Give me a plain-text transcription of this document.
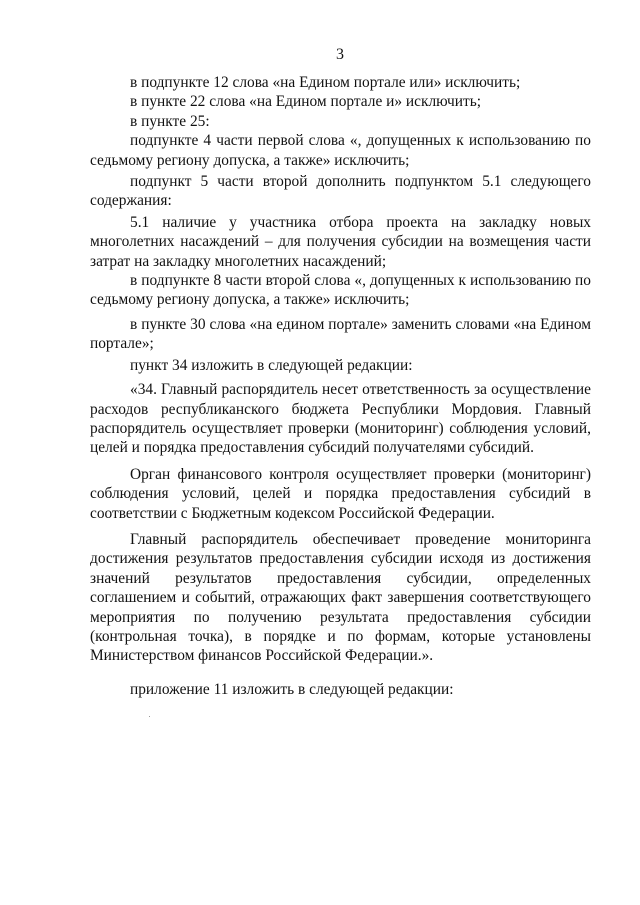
3

в подпункте 12 слова «на Едином портале или» исключить;

в пункте 22 слова «на Едином портале и» исключить;

в пункте 25:

подпункте 4 части первой слова «, допущенных к использованию по седьмому региону допуска, а также» исключить;

подпункт 5 части второй дополнить подпунктом 5.1 следующего содержания:

5.1 наличие у участника отбора проекта на закладку новых многолетних насаждений – для получения субсидии на возмещения части затрат на закладку многолетних насаждений;

в подпункте 8 части второй слова «, допущенных к использованию по седьмому региону допуска, а также» исключить;

в пункте 30 слова «на едином портале» заменить словами «на Едином портале»;

пункт 34 изложить в следующей редакции:

«34. Главный распорядитель несет ответственность за осуществление расходов республиканского бюджета Республики Мордовия. Главный распорядитель осуществляет проверки (мониторинг) соблюдения условий, целей и порядка предоставления субсидий получателями субсидий.

Орган финансового контроля осуществляет проверки (мониторинг) соблюдения условий, целей и порядка предоставления субсидий в соответствии с Бюджетным кодексом Российской Федерации.

Главный распорядитель обеспечивает проведение мониторинга достижения результатов предоставления субсидии исходя из достижения значений результатов предоставления субсидии, определенных соглашением и событий, отражающих факт завершения соответствующего мероприятия по получению результата предоставления субсидии (контрольная точка), в порядке и по формам, которые установлены Министерством финансов Российской Федерации.».

приложение 11 изложить в следующей редакции:
